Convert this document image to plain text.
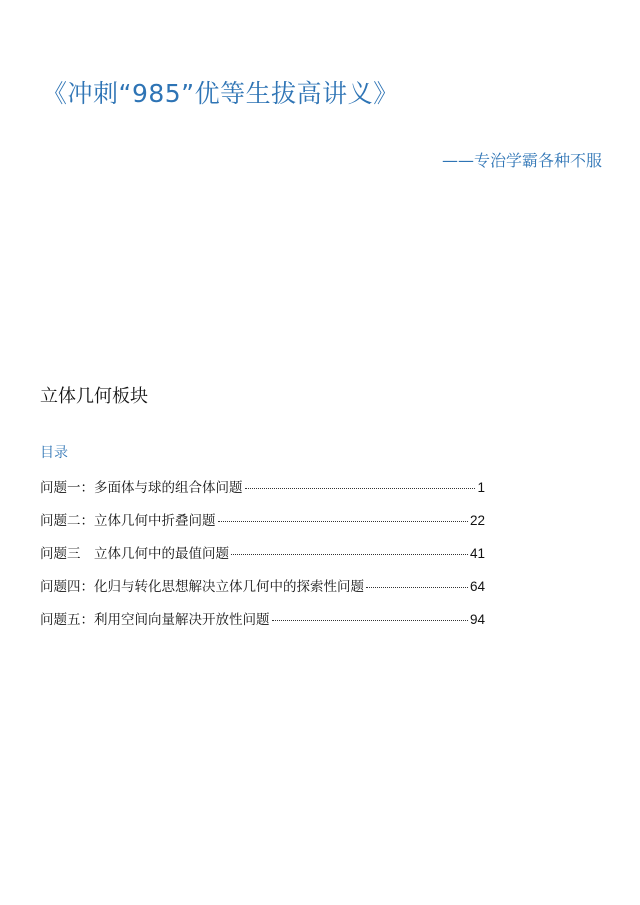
《冲刺“985”优等生拔高讲义》
——专治学霸各种不服
立体几何板块
目录
问题一：多面体与球的组合体问题	1
问题二：立体几何中折叠问题	22
问题三　立体几何中的最值问题	41
问题四：化归与转化思想解决立体几何中的探索性问题	64
问题五：利用空间向量解决开放性问题	94
